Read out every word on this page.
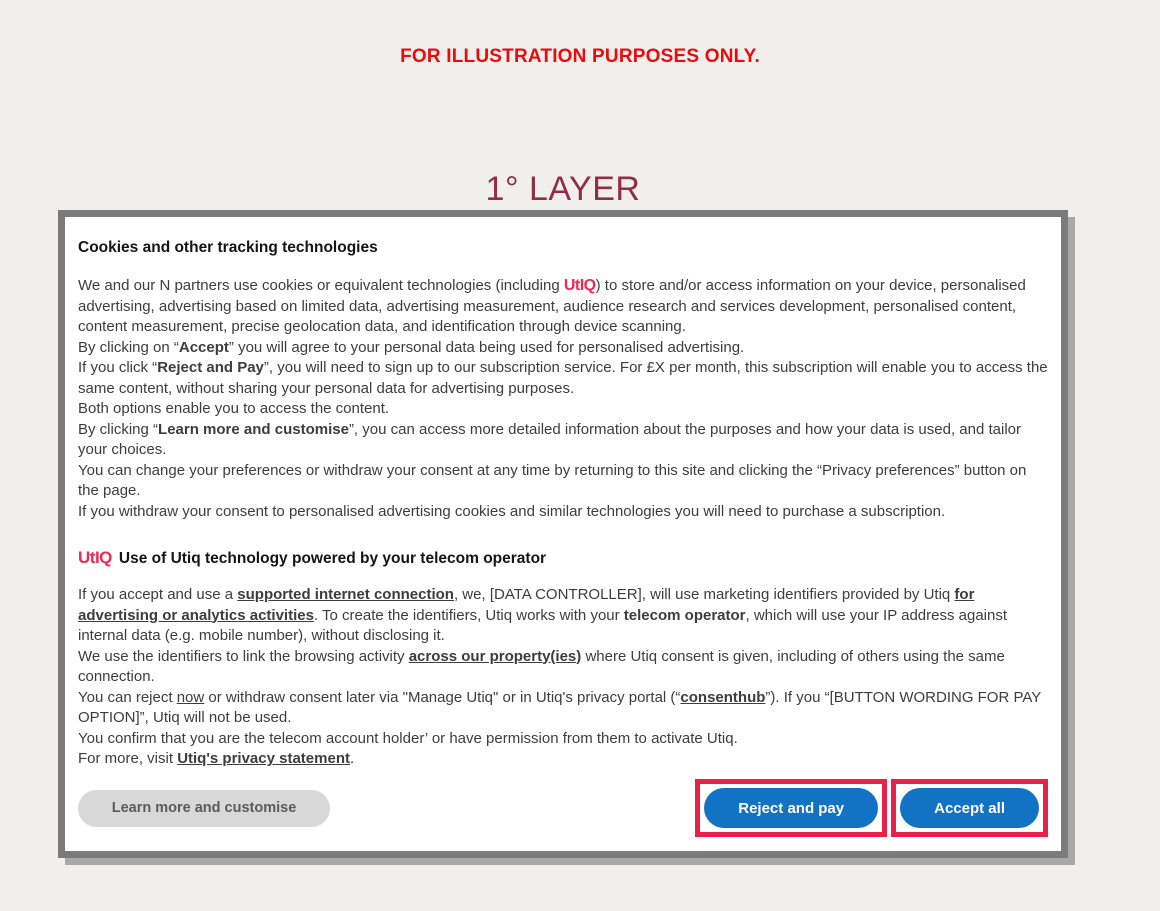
FOR ILLUSTRATION PURPOSES ONLY.
1° LAYER
Cookies and other tracking technologies

We and our N partners use cookies or equivalent technologies (including UtIQ) to store and/or access information on your device, personalised advertising, advertising based on limited data, advertising measurement, audience research and services development, personalised content, content measurement, precise geolocation data, and identification through device scanning.

By clicking on “Accept” you will agree to your personal data being used for personalised advertising.

If you click “Reject and Pay”, you will need to sign up to our subscription service. For £X per month, this subscription will enable you to access the same content, without sharing your personal data for advertising purposes.

Both options enable you to access the content.

By clicking “Learn more and customise”, you can access more detailed information about the purposes and how your data is used, and tailor your choices.

You can change your preferences or withdraw your consent at any time by returning to this site and clicking the “Privacy preferences” button on the page.

If you withdraw your consent to personalised advertising cookies and similar technologies you will need to purchase a subscription.

UtIQ Use of Utiq technology powered by your telecom operator

If you accept and use a supported internet connection, we, [DATA CONTROLLER], will use marketing identifiers provided by Utiq for advertising or analytics activities. To create the identifiers, Utiq works with your telecom operator, which will use your IP address against internal data (e.g. mobile number), without disclosing it.

We use the identifiers to link the browsing activity across our property(ies) where Utiq consent is given, including of others using the same connection.

You can reject now or withdraw consent later via "Manage Utiq" or in Utiq's privacy portal (“consenthub”). If you “[BUTTON WORDING FOR PAY OPTION]”, Utiq will not be used.

You confirm that you are the telecom account holder’ or have permission from them to activate Utiq.

For more, visit Utiq's privacy statement.

Learn more and customise	Reject and pay	Accept all
